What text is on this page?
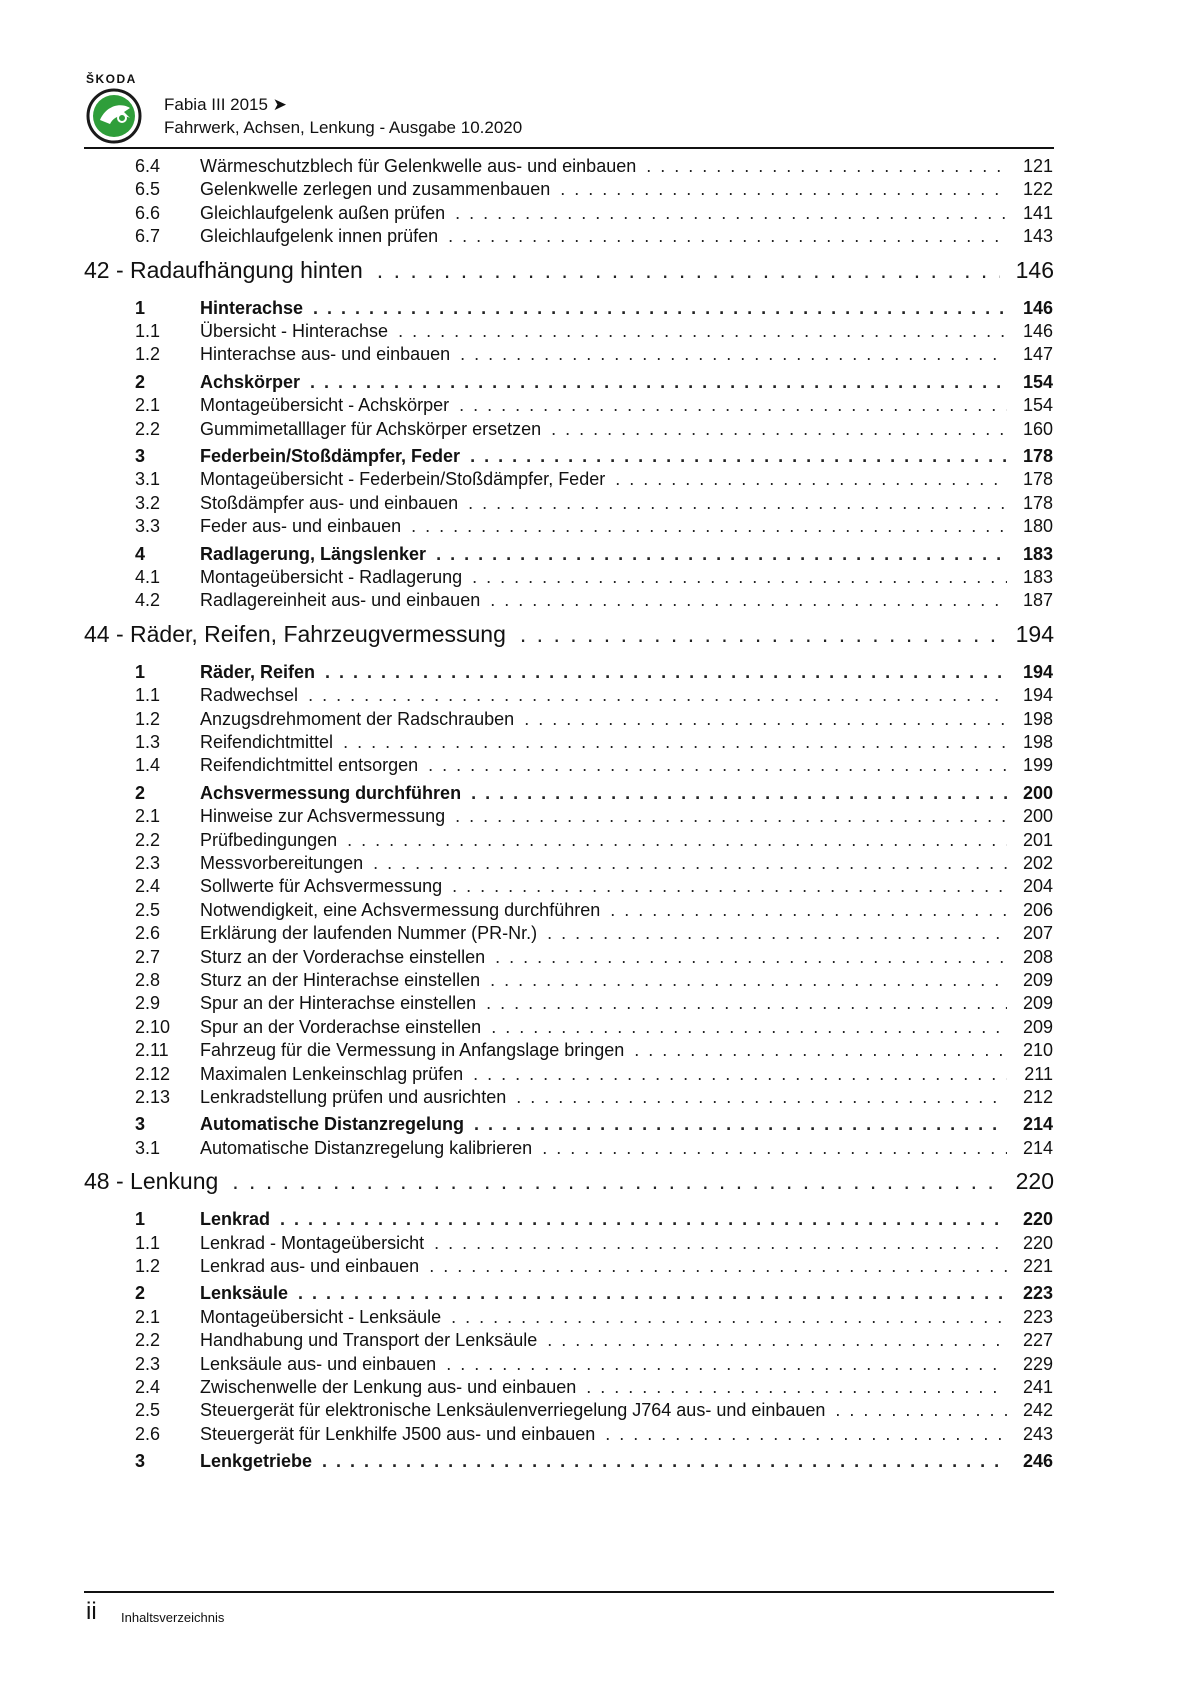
ŠKODA
Fabia III 2015 ➤
Fahrwerk, Achsen, Lenkung - Ausgabe 10.2020
6.4	Wärmeschutzblech für Gelenkwelle aus- und einbauen . . .	121
6.5	Gelenkwelle zerlegen und zusammenbauen . . .	122
6.6	Gleichlaufgelenk außen prüfen . . .	141
6.7	Gleichlaufgelenk innen prüfen . . .	143
42 - Radaufhängung hinten . . .	146
1	Hinterachse . . .	146
1.1	Übersicht - Hinterachse . . .	146
1.2	Hinterachse aus- und einbauen . . .	147
2	Achskörper . . .	154
2.1	Montageübersicht - Achskörper . . .	154
2.2	Gummimetalllager für Achskörper ersetzen . . .	160
3	Federbein/Stoßdämpfer, Feder . . .	178
3.1	Montageübersicht - Federbein/Stoßdämpfer, Feder . . .	178
3.2	Stoßdämpfer aus- und einbauen . . .	178
3.3	Feder aus- und einbauen . . .	180
4	Radlagerung, Längslenker . . .	183
4.1	Montageübersicht - Radlagerung . . .	183
4.2	Radlagereinheit aus- und einbauen . . .	187
44 - Räder, Reifen, Fahrzeugvermessung . . .	194
1	Räder, Reifen . . .	194
1.1	Radwechsel . . .	194
1.2	Anzugsdrehmoment der Radschrauben . . .	198
1.3	Reifendichtmittel . . .	198
1.4	Reifendichtmittel entsorgen . . .	199
2	Achsvermessung durchführen . . .	200
2.1	Hinweise zur Achsvermessung . . .	200
2.2	Prüfbedingungen . . .	201
2.3	Messvorbereitungen . . .	202
2.4	Sollwerte für Achsvermessung . . .	204
2.5	Notwendigkeit, eine Achsvermessung durchführen . . .	206
2.6	Erklärung der laufenden Nummer (PR-Nr.) . . .	207
2.7	Sturz an der Vorderachse einstellen . . .	208
2.8	Sturz an der Hinterachse einstellen . . .	209
2.9	Spur an der Hinterachse einstellen . . .	209
2.10	Spur an der Vorderachse einstellen . . .	209
2.11	Fahrzeug für die Vermessung in Anfangslage bringen . . .	210
2.12	Maximalen Lenkeinschlag prüfen . . .	211
2.13	Lenkradstellung prüfen und ausrichten . . .	212
3	Automatische Distanzregelung . . .	214
3.1	Automatische Distanzregelung kalibrieren . . .	214
48 - Lenkung . . .	220
1	Lenkrad . . .	220
1.1	Lenkrad - Montageübersicht . . .	220
1.2	Lenkrad aus- und einbauen . . .	221
2	Lenksäule . . .	223
2.1	Montageübersicht - Lenksäule . . .	223
2.2	Handhabung und Transport der Lenksäule . . .	227
2.3	Lenksäule aus- und einbauen . . .	229
2.4	Zwischenwelle der Lenkung aus- und einbauen . . .	241
2.5	Steuergerät für elektronische Lenksäulenverriegelung J764 aus- und einbauen . . .	242
2.6	Steuergerät für Lenkhilfe J500 aus- und einbauen . . .	243
3	Lenkgetriebe . . .	246
ii Inhaltsverzeichnis
